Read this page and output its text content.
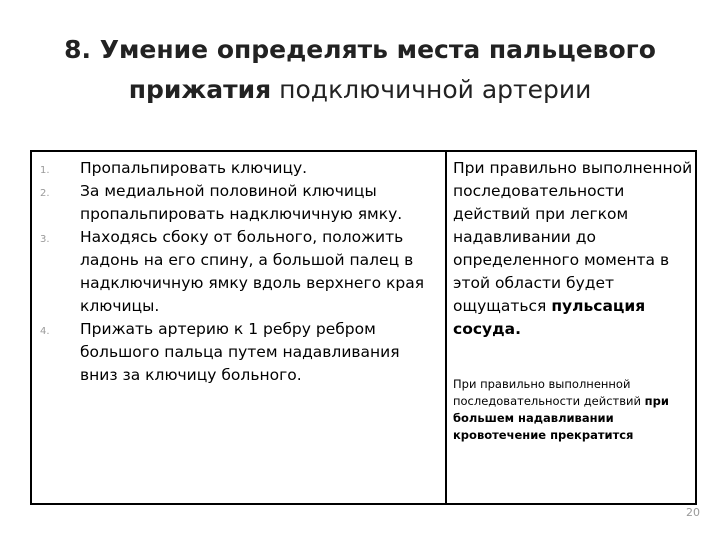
8. Умение определять места пальцевого прижатия подключичной артерии
1. Пропальпировать ключицу.
2. За медиальной половиной ключицы пропальпировать надключичную ямку.
3. Находясь сбоку от больного, положить ладонь на его спину, а большой палец в надключичную ямку вдоль верхнего края ключицы.
4. Прижать артерию к 1 ребру ребром большого пальца путем надавливания вниз за ключицу больного.
При правильно выполненной последовательности действий при легком надавливании до определенного момента в этой области будет ощущаться пульсация сосуда.
При правильно выполненной последовательности действий при большем надавливании кровотечение прекратится
20
